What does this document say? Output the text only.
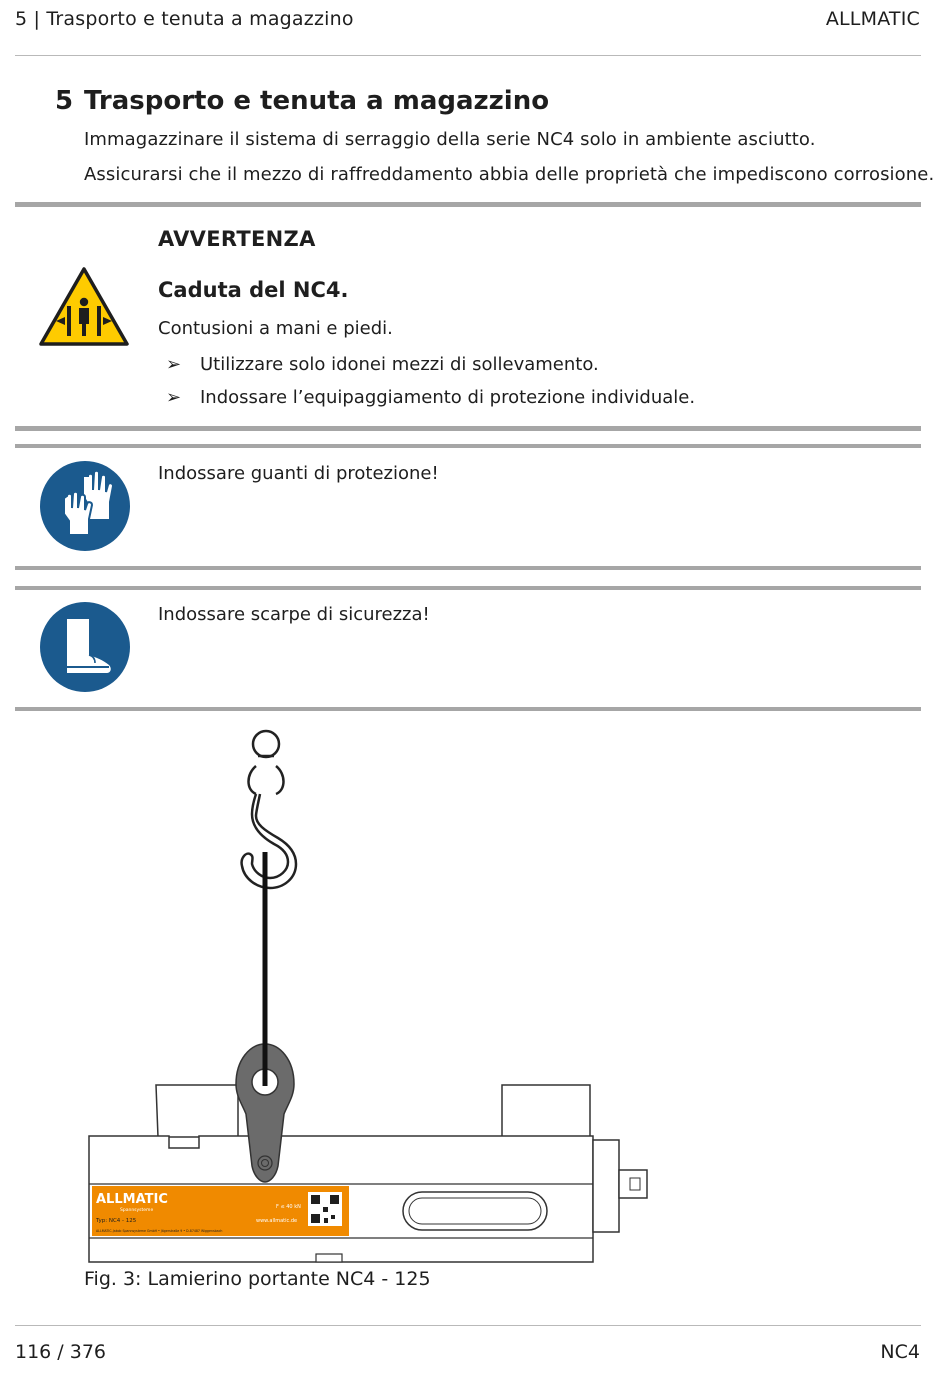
5 | Trasporto e tenuta a magazzino	ALLMATIC
5 Trasporto e tenuta a magazzino
Immagazzinare il sistema di serraggio della serie NC4 solo in ambiente asciutto.
Assicurarsi che il mezzo di raffreddamento abbia delle proprietà che impediscono corrosione.
AVVERTENZA
Caduta del NC4.
Contusioni a mani e piedi.
➢ Utilizzare solo idonei mezzi di sollevamento.
➢ Indossare l’equipaggiamento di protezione individuale.
Indossare guanti di protezione!
Indossare scarpe di sicurezza!
ALLMATIC
Spannsysteme
F ≤ 40 kN
Typ: NC4 - 125	www.allmatic.de
ALLMATIC-Jakob Spannsysteme GmbH • Jägerstraße 9 • D-87487 Wiggensbach
Fig. 3: Lamierino portante NC4 - 125
116 / 376	NC4
